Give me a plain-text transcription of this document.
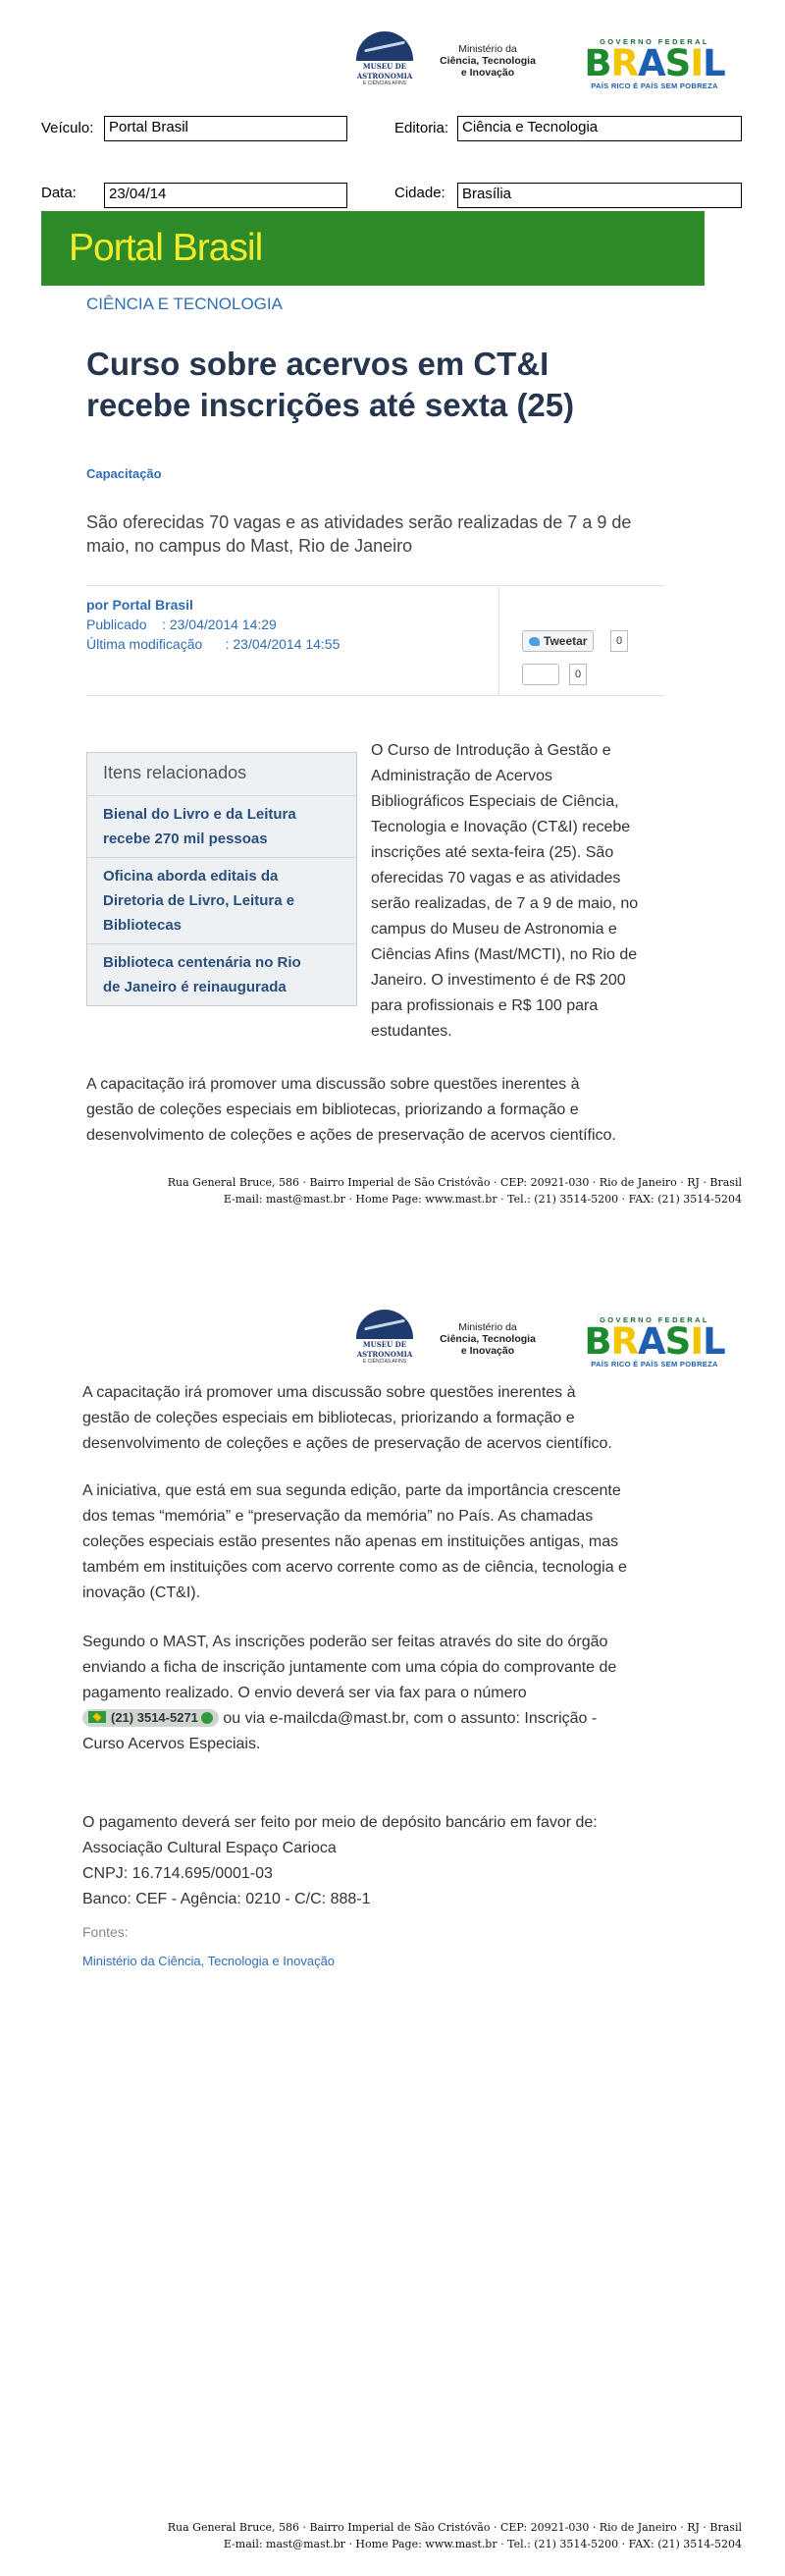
MUSEU DE
ASTRONOMIA
E CIÊNCIAS AFINS
Ministério da
Ciência, Tecnologia
e Inovação
GOVERNO FEDERAL
BRASIL
PAÍS RICO É PAÍS SEM POBREZA
Veículo:	Portal Brasil	Editoria: Ciência e Tecnologia
Data:	23/04/14	Cidade:	Brasília
Portal Brasil
CIÊNCIA E TECNOLOGIA
Curso sobre acervos em CT&I
recebe inscrições até sexta (25)
Capacitação
São oferecidas 70 vagas e as atividades serão realizadas de 7 a 9 de
maio, no campus do Mast, Rio de Janeiro
por Portal Brasil
Publicado : 23/04/2014 14:29
Última modificação : 23/04/2014 14:55	Tweetar	0
0
Itens relacionados
Bienal do Livro e da Leitura
recebe 270 mil pessoas
Oficina aborda editais da
Diretoria de Livro, Leitura e
Bibliotecas
Biblioteca centenária no Rio
de Janeiro é reinaugurada
O Curso de Introdução à Gestão e
Administração de Acervos
Bibliográficos Especiais de Ciência,
Tecnologia e Inovação (CT&I) recebe
inscrições até sexta-feira (25). São
oferecidas 70 vagas e as atividades
serão realizadas, de 7 a 9 de maio, no
campus do Museu de Astronomia e
Ciências Afins (Mast/MCTI), no Rio de
Janeiro. O investimento é de R$ 200
para profissionais e R$ 100 para
estudantes.
A capacitação irá promover uma discussão sobre questões inerentes à
gestão de coleções especiais em bibliotecas, priorizando a formação e
desenvolvimento de coleções e ações de preservação de acervos científico.
Rua General Bruce, 586 · Bairro Imperial de São Cristóvão · CEP: 20921-030 · Rio de Janeiro · RJ · Brasil
E-mail: mast@mast.br · Home Page: www.mast.br · Tel.: (21) 3514-5200 · FAX: (21) 3514-5204
MUSEU DE
ASTRONOMIA
E CIÊNCIAS AFINS
Ministério da
Ciência, Tecnologia
e Inovação
GOVERNO FEDERAL
BRASIL
PAÍS RICO É PAÍS SEM POBREZA
A capacitação irá promover uma discussão sobre questões inerentes à
gestão de coleções especiais em bibliotecas, priorizando a formação e
desenvolvimento de coleções e ações de preservação de acervos científico.
A iniciativa, que está em sua segunda edição, parte da importância crescente
dos temas “memória” e “preservação da memória” no País. As chamadas
coleções especiais estão presentes não apenas em instituições antigas, mas
também em instituições com acervo corrente como as de ciência, tecnologia e
inovação (CT&I).
Segundo o MAST, As inscrições poderão ser feitas através do site do órgão
enviando a ficha de inscrição juntamente com uma cópia do comprovante de
pagamento realizado. O envio deverá ser via fax para o número
(21) 3514-5271 ou via e-mailcda@mast.br, com o assunto: Inscrição -
Curso Acervos Especiais.
O pagamento deverá ser feito por meio de depósito bancário em favor de:
Associação Cultural Espaço Carioca
CNPJ: 16.714.695/0001-03
Banco: CEF - Agência: 0210 - C/C: 888-1
Fontes:
Ministério da Ciência, Tecnologia e Inovação
Rua General Bruce, 586 · Bairro Imperial de São Cristóvão · CEP: 20921-030 · Rio de Janeiro · RJ · Brasil
E-mail: mast@mast.br · Home Page: www.mast.br · Tel.: (21) 3514-5200 · FAX: (21) 3514-5204
